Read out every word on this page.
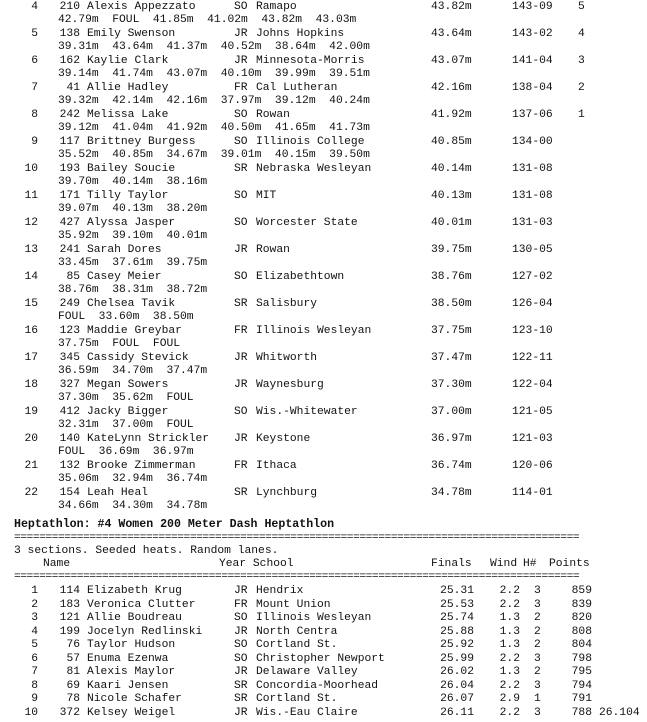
4	210 Alexis Appezzato	SO Ramapo	43.82m	143-09 5
42.79m  FOUL  41.85m  41.02m  43.82m  43.03m
5	138 Emily Swenson	JR Johns Hopkins	43.64m	143-02 4
39.31m  43.64m  41.37m  40.52m  38.64m  42.00m
6	162 Kaylie Clark	JR Minnesota-Morris	43.07m	141-04 3
39.14m  41.74m  43.07m  40.10m  39.99m  39.51m
7	41 Allie Hadley	FR Cal Lutheran	42.16m	138-04 2
39.32m  42.14m  42.16m  37.97m  39.12m  40.24m
8	242 Melissa Lake	SO Rowan	41.92m	137-06 1
39.12m  41.04m  41.92m  40.50m  41.65m  41.73m
9	117 Brittney Burgess	SO Illinois College	40.85m	134-00
35.52m  40.85m  34.67m  39.01m  40.15m  39.50m
10	193 Bailey Soucie	SR Nebraska Wesleyan	40.14m	131-08
39.70m  40.14m  38.16m
11	171 Tilly Taylor	SO MIT	40.13m	131-08
39.07m  40.13m  38.20m
12	427 Alyssa Jasper	SO Worcester State	40.01m	131-03
35.92m  39.10m  40.01m
13	241 Sarah Dores	JR Rowan	39.75m	130-05
33.45m  37.61m  39.75m
14	85 Casey Meier	SO Elizabethtown	38.76m	127-02
38.76m  38.31m  38.72m
15	249 Chelsea Tavik	SR Salisbury	38.50m	126-04
FOUL  33.60m  38.50m
16	123 Maddie Greybar	FR Illinois Wesleyan	37.75m	123-10
37.75m  FOUL  FOUL
17	345 Cassidy Stevick	JR Whitworth	37.47m	122-11
36.59m  34.70m  37.47m
18	327 Megan Sowers	JR Waynesburg	37.30m	122-04
37.30m  35.62m  FOUL
19	412 Jacky Bigger	SO Wis.-Whitewater	37.00m	121-05
32.31m  37.00m  FOUL
20	140 KateLynn Strickler JR Keystone	36.97m	121-03
FOUL  36.69m  36.97m
21	132 Brooke Zimmerman	FR Ithaca	36.74m	120-06
35.06m  32.94m  36.74m
22	154 Leah Heal	SR Lynchburg	34.78m	114-01
34.66m  34.30m  34.78m
Heptathlon: #4 Women 200 Meter Dash Heptathlon
==========================================================================================
3 sections. Seeded heats. Random lanes.
Name	Year School	Finals Wind H# Points
==========================================================================================
1	114 Elizabeth Krug	JR Hendrix	25.31	2.2 3	859
2	183 Veronica Clutter	FR Mount Union	25.53	2.2 3	839
3	121 Allie Boudreau	SO Illinois Wesleyan	25.74	1.3 2	820
4	199 Jocelyn Redlinski	JR North Centra	25.88	1.3 2	808
5	76 Taylor Hudson	SO Cortland St.	25.92	1.3 2	804
6	57 Enuma Ezenwa	SO Christopher Newport	25.99	2.2 3	798
7	81 Alexis Maylor	JR Delaware Valley	26.02	1.3 2	795
8	69 Kaari Jensen	SR Concordia-Moorhead	26.04	2.2 3	794
9	78 Nicole Schafer	SR Cortland St.	26.07	2.9 1	791
10	372 Kelsey Weigel	JR Wis.-Eau Claire	26.11	2.2 3	788 26.104
